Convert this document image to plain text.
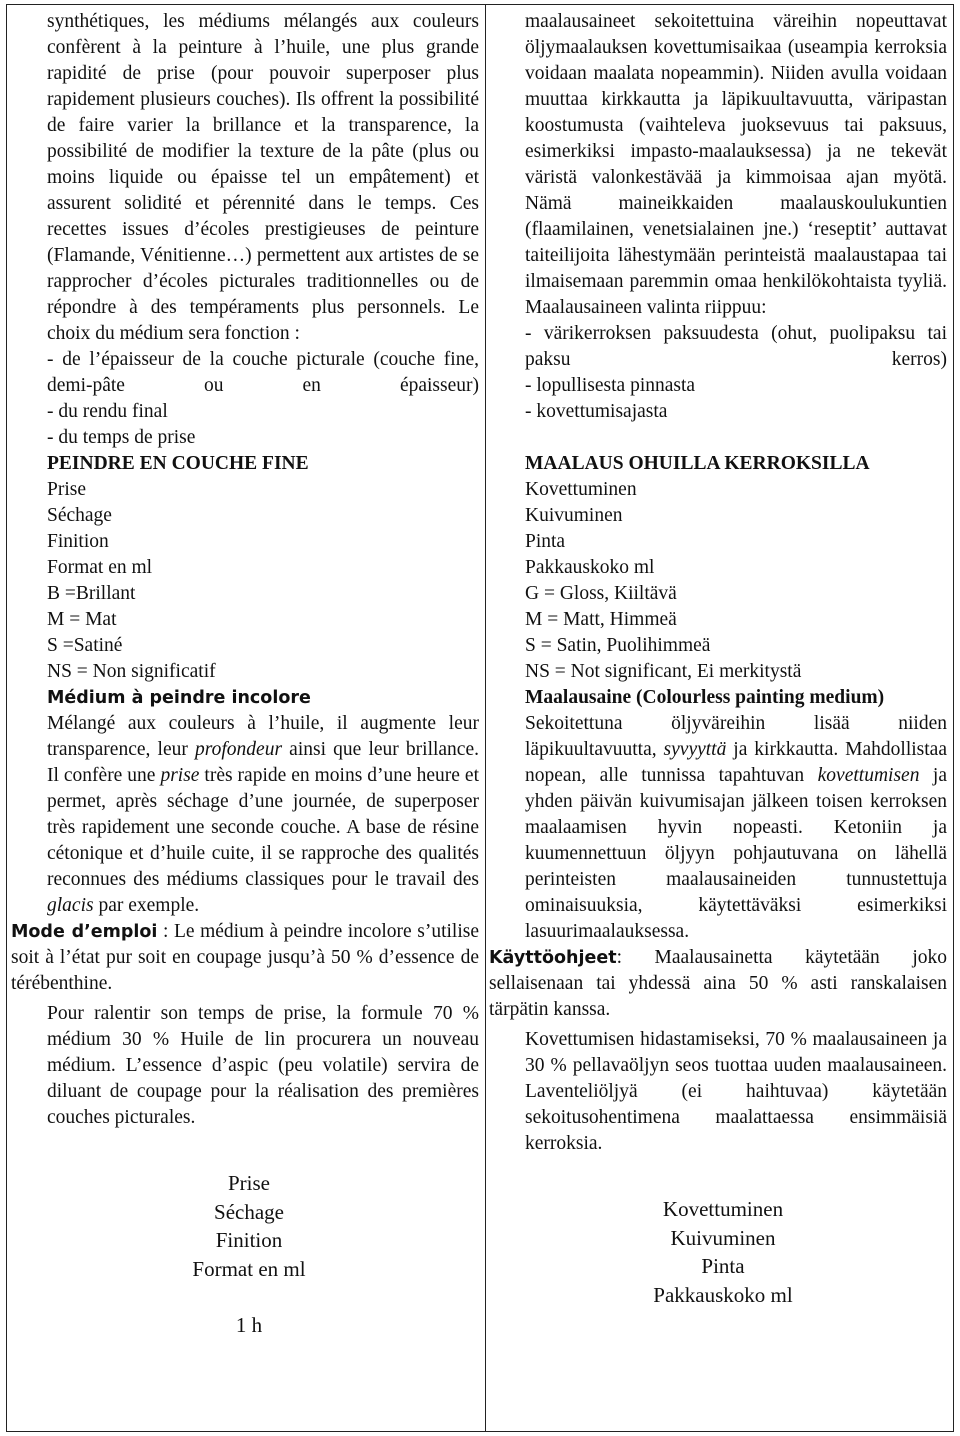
synthétiques, les médiums mélangés aux couleurs confèrent à la peinture à l’huile, une plus grande rapidité de prise (pour pouvoir superposer plus rapidement plusieurs couches). Ils offrent la possibilité de faire varier la brillance et la transparence, la possibilité de modifier la texture de la pâte (plus ou moins liquide ou épaisse tel un empâtement) et assurent solidité et pérennité dans le temps. Ces recettes issues d’écoles prestigieuses de peinture (Flamande, Vénitienne…) permettent aux artistes de se rapprocher d’écoles picturales traditionnelles ou de répondre à des tempéraments plus personnels. Le choix du médium sera fonction :

- de l’épaisseur de la couche picturale (couche fine, demi-pâte ou en épaisseur)

- du rendu final

- du temps de prise

PEINDRE EN COUCHE FINE

Prise

Séchage

Finition

Format en ml

B =Brillant

M = Mat

S =Satiné

NS = Non significatif

Médium à peindre incolore

Mélangé aux couleurs à l’huile, il augmente leur transparence, leur profondeur ainsi que leur brillance. Il confère une prise très rapide en moins d’une heure et permet, après séchage d’une journée, de superposer très rapidement une seconde couche. A base de résine cétonique et d’huile cuite, il se rapproche des qualités reconnues des médiums classiques pour le travail des glacis par exemple.

Mode d’emploi : Le médium à peindre incolore s’utilise soit à l’état pur soit en coupage jusqu’à 50 % d’essence de térébenthine.

Pour ralentir son temps de prise, la formule 70 % médium 30 % Huile de lin procurera un nouveau médium. L’essence d’aspic (peu volatile) servira de diluant de coupage pour la réalisation des premières couches picturales.

Prise

Séchage

Finition

Format en ml

1 h

maalausaineet sekoitettuina väreihin nopeuttavat öljymaalauksen kovettumisaikaa (useampia kerroksia voidaan maalata nopeammin). Niiden avulla voidaan muuttaa kirkkautta ja läpikuultavuutta, väripastan koostumusta (vaihteleva juoksevuus tai paksuus, esimerkiksi impasto-maalauksessa) ja ne tekevät väristä valonkestävää ja kimmoisaa ajan myötä. Nämä maineikkaiden maalauskoulukuntien (flaamilainen, venetsialainen jne.) ‘reseptit’ auttavat taiteilijoita lähestymään perinteistä maalaustapaa tai ilmaisemaan paremmin omaa henkilökohtaista tyyliä. Maalausaineen valinta riippuu:

- värikerroksen paksuudesta (ohut, puolipaksu tai paksu kerros)

- lopullisesta pinnasta

- kovettumisajasta

MAALAUS OHUILLA KERROKSILLA

Kovettuminen

Kuivuminen

Pinta

Pakkauskoko ml

G = Gloss, Kiiltävä

M = Matt, Himmeä

S = Satin, Puolihimmeä

NS = Not significant, Ei merkitystä

Maalausaine (Colourless painting medium)

Sekoitettuna öljyväreihin lisää niiden läpikuultavuutta, syvyyttä ja kirkkautta. Mahdollistaa nopean, alle tunnissa tapahtuvan kovettumisen ja yhden päivän kuivumisajan jälkeen toisen kerroksen maalaamisen hyvin nopeasti. Ketoniin ja kuumennettuun öljyyn pohjautuvana on lähellä perinteisten maalausaineiden tunnustettuja ominaisuuksia, käytettäväksi esimerkiksi lasuurimaalauksessa.

Käyttöohjeet: Maalausainetta käytetään joko sellaisenaan tai yhdessä aina 50 % asti ranskalaisen tärpätin kanssa.

Kovettumisen hidastamiseksi, 70 % maalausaineen ja 30 % pellavaöljyn seos tuottaa uuden maalausaineen. Laventeliöljyä (ei haihtuvaa) käytetään sekoitusohentimena maalattaessa ensimmäisiä kerroksia.

Kovettuminen

Kuivuminen

Pinta

Pakkauskoko ml
